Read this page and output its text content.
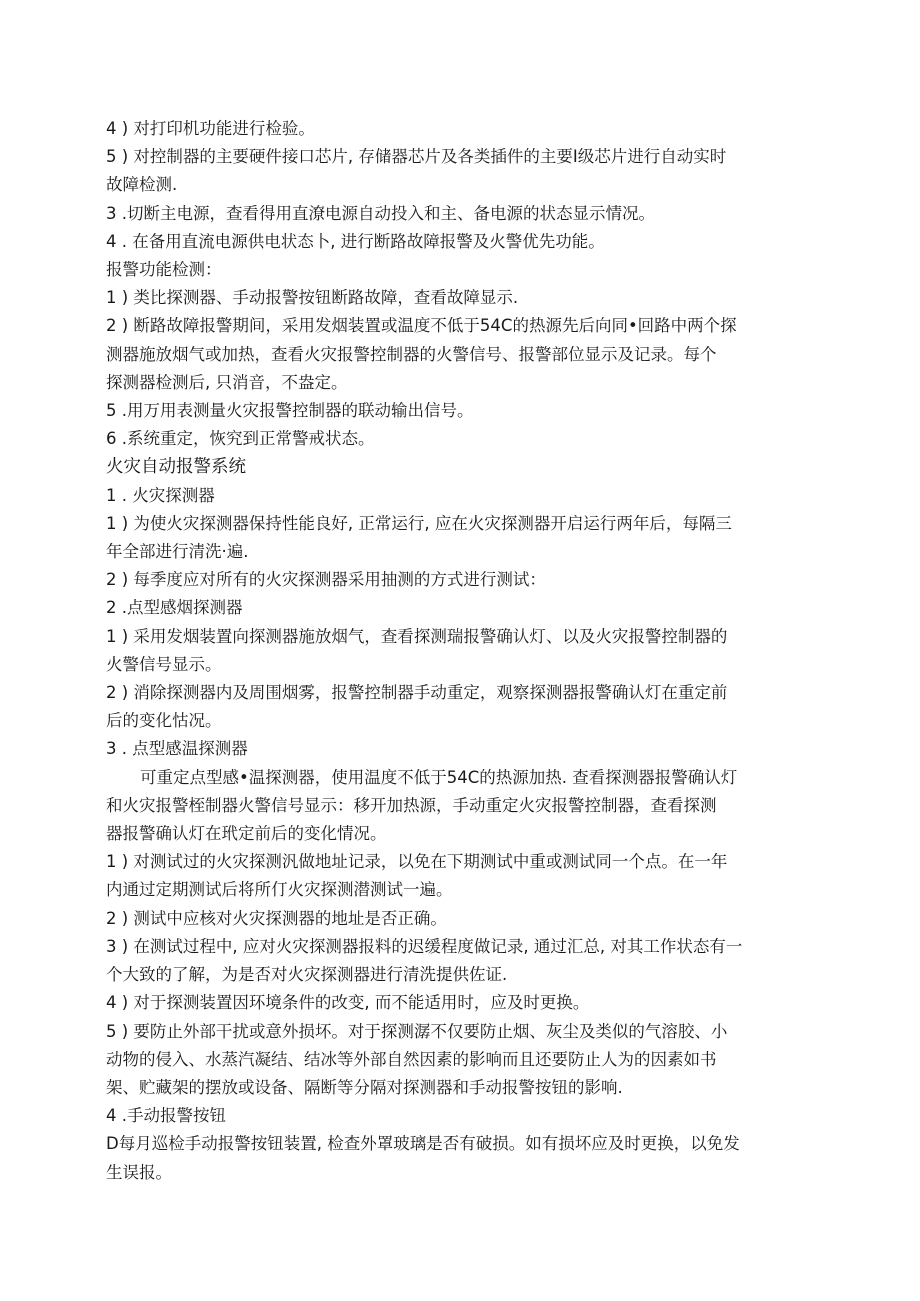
4 ) 对打印机功能进行检验。
5 ) 对控制器的主要硬件接口芯片, 存储器芯片及各类插件的主要I级芯片进行自动实时
故障检测.
3 .切断主电源，查看得用直潦电源自动投入和主、备电源的状态显示情况。
4 . 在备用直流电源供电状态卜, 进行断路故障报警及火警优先功能。
报警功能检测：
1 ) 类比探测器、手动报警按钮断路故障，查看故障显示.
2 ) 断路故障报警期间，采用发烟装置或温度不低于54C的热源先后向同•回路中两个探
测器施放烟气或加热，查看火灾报警控制器的火警信号、报警部位显示及记录。每个
探测器检测后, 只消音，不盎定。
5 .用万用表测量火灾报警控制器的联动输出信号。
6 .系统重定，恢究到正常警戒状态。
火灾自动报警系统
1 . 火灾探测器
1 ) 为使火灾探测器保持性能良好, 正常运行, 应在火灾探测器开启运行两年后，每隔三
年全部进行清洗·遍.
2 ) 每季度应对所有的火灾探测器采用抽测的方式进行测试：
2 .点型感烟探测器
1 ) 采用发烟装置向探测器施放烟气，查看探测瑞报警确认灯、以及火灾报警控制器的
火警信号显示。
2 ) 消除探测器内及周围烟雾，报警控制器手动重定，观察探测器报警确认灯在重定前
后的变化怙况。
3 . 点型感温探测器
可重定点型感•温探测器，使用温度不低于54C的热源加热. 查看探测器报警确认灯
和火灾报警桎制器火警信号显示：移开加热源，手动重定火灾报警控制器，查看探测
器报警确认灯在玳定前后的变化情况。
1 ) 对测试过的火灾探测汎做地址记录，以免在下期测试中重或测试同一个点。在一年
内通过定期测试后将所仃火灾探测潜测试一遍。
2 ) 测试中应核对火灾探测器的地址是否正确。
3 ) 在测试过程中, 应对火灾探测器报料的迟缓程度做记录, 通过汇总, 对其工作状态有一
个大致的了解，为是否对火灾探测器进行清洗提供佐证.
4 ) 对于探测装置因环境条件的改变, 而不能适用时，应及时更换。
5 ) 要防止外部干扰或意外损坏。对于探测潺不仅要防止烟、灰尘及类似的气溶胶、小
动物的侵入、水蒸汽凝结、结冰等外部自然因素的影响而且还要防止人为的因素如书
架、贮藏架的摆放或设备、隔断等分隔对探测器和手动报警按钮的影响.
4 .手动报警按钮
D每月巡检手动报警按钮装置, 检查外罩玻璃是否有破损。如有损坏应及时更换，以免发
生误报。
